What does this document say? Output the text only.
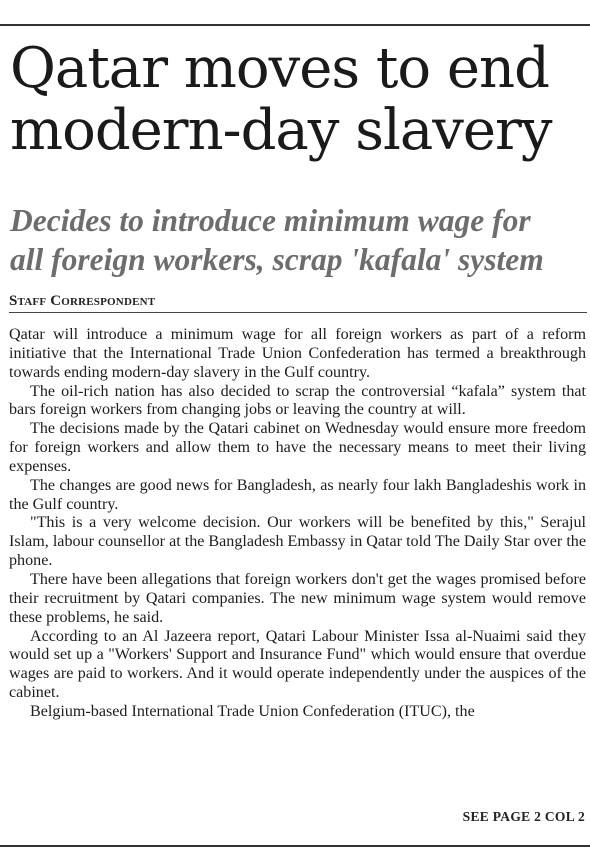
Qatar moves to end
modern-day slavery
Decides to introduce minimum wage for
all foreign workers, scrap 'kafala' system
Staff Correspondent

Qatar will introduce a minimum wage for all foreign workers as part of a reform initiative that the International Trade Union Confederation has termed a breakthrough towards ending modern-day slavery in the Gulf country.

The oil-rich nation has also decided to scrap the controversial “kafala” system that bars foreign workers from changing jobs or leaving the country at will.

The decisions made by the Qatari cabinet on Wednesday would ensure more freedom for foreign workers and allow them to have the necessary means to meet their living expenses.

The changes are good news for Bangladesh, as nearly four lakh Bangladeshis work in the Gulf country.

"This is a very welcome decision. Our workers will be benefited by this," Serajul Islam, labour counsellor at the Bangladesh Embassy in Qatar told The Daily Star over the phone.

There have been allegations that foreign workers don't get the wages promised before their recruitment by Qatari companies. The new minimum wage system would remove these problems, he said.

According to an Al Jazeera report, Qatari Labour Minister Issa al-Nuaimi said they would set up a "Workers' Support and Insurance Fund" which would ensure that overdue wages are paid to workers. And it would operate independently under the auspices of the cabinet.

Belgium-based International Trade Union Confederation (ITUC), the

SEE PAGE 2 COL 2
